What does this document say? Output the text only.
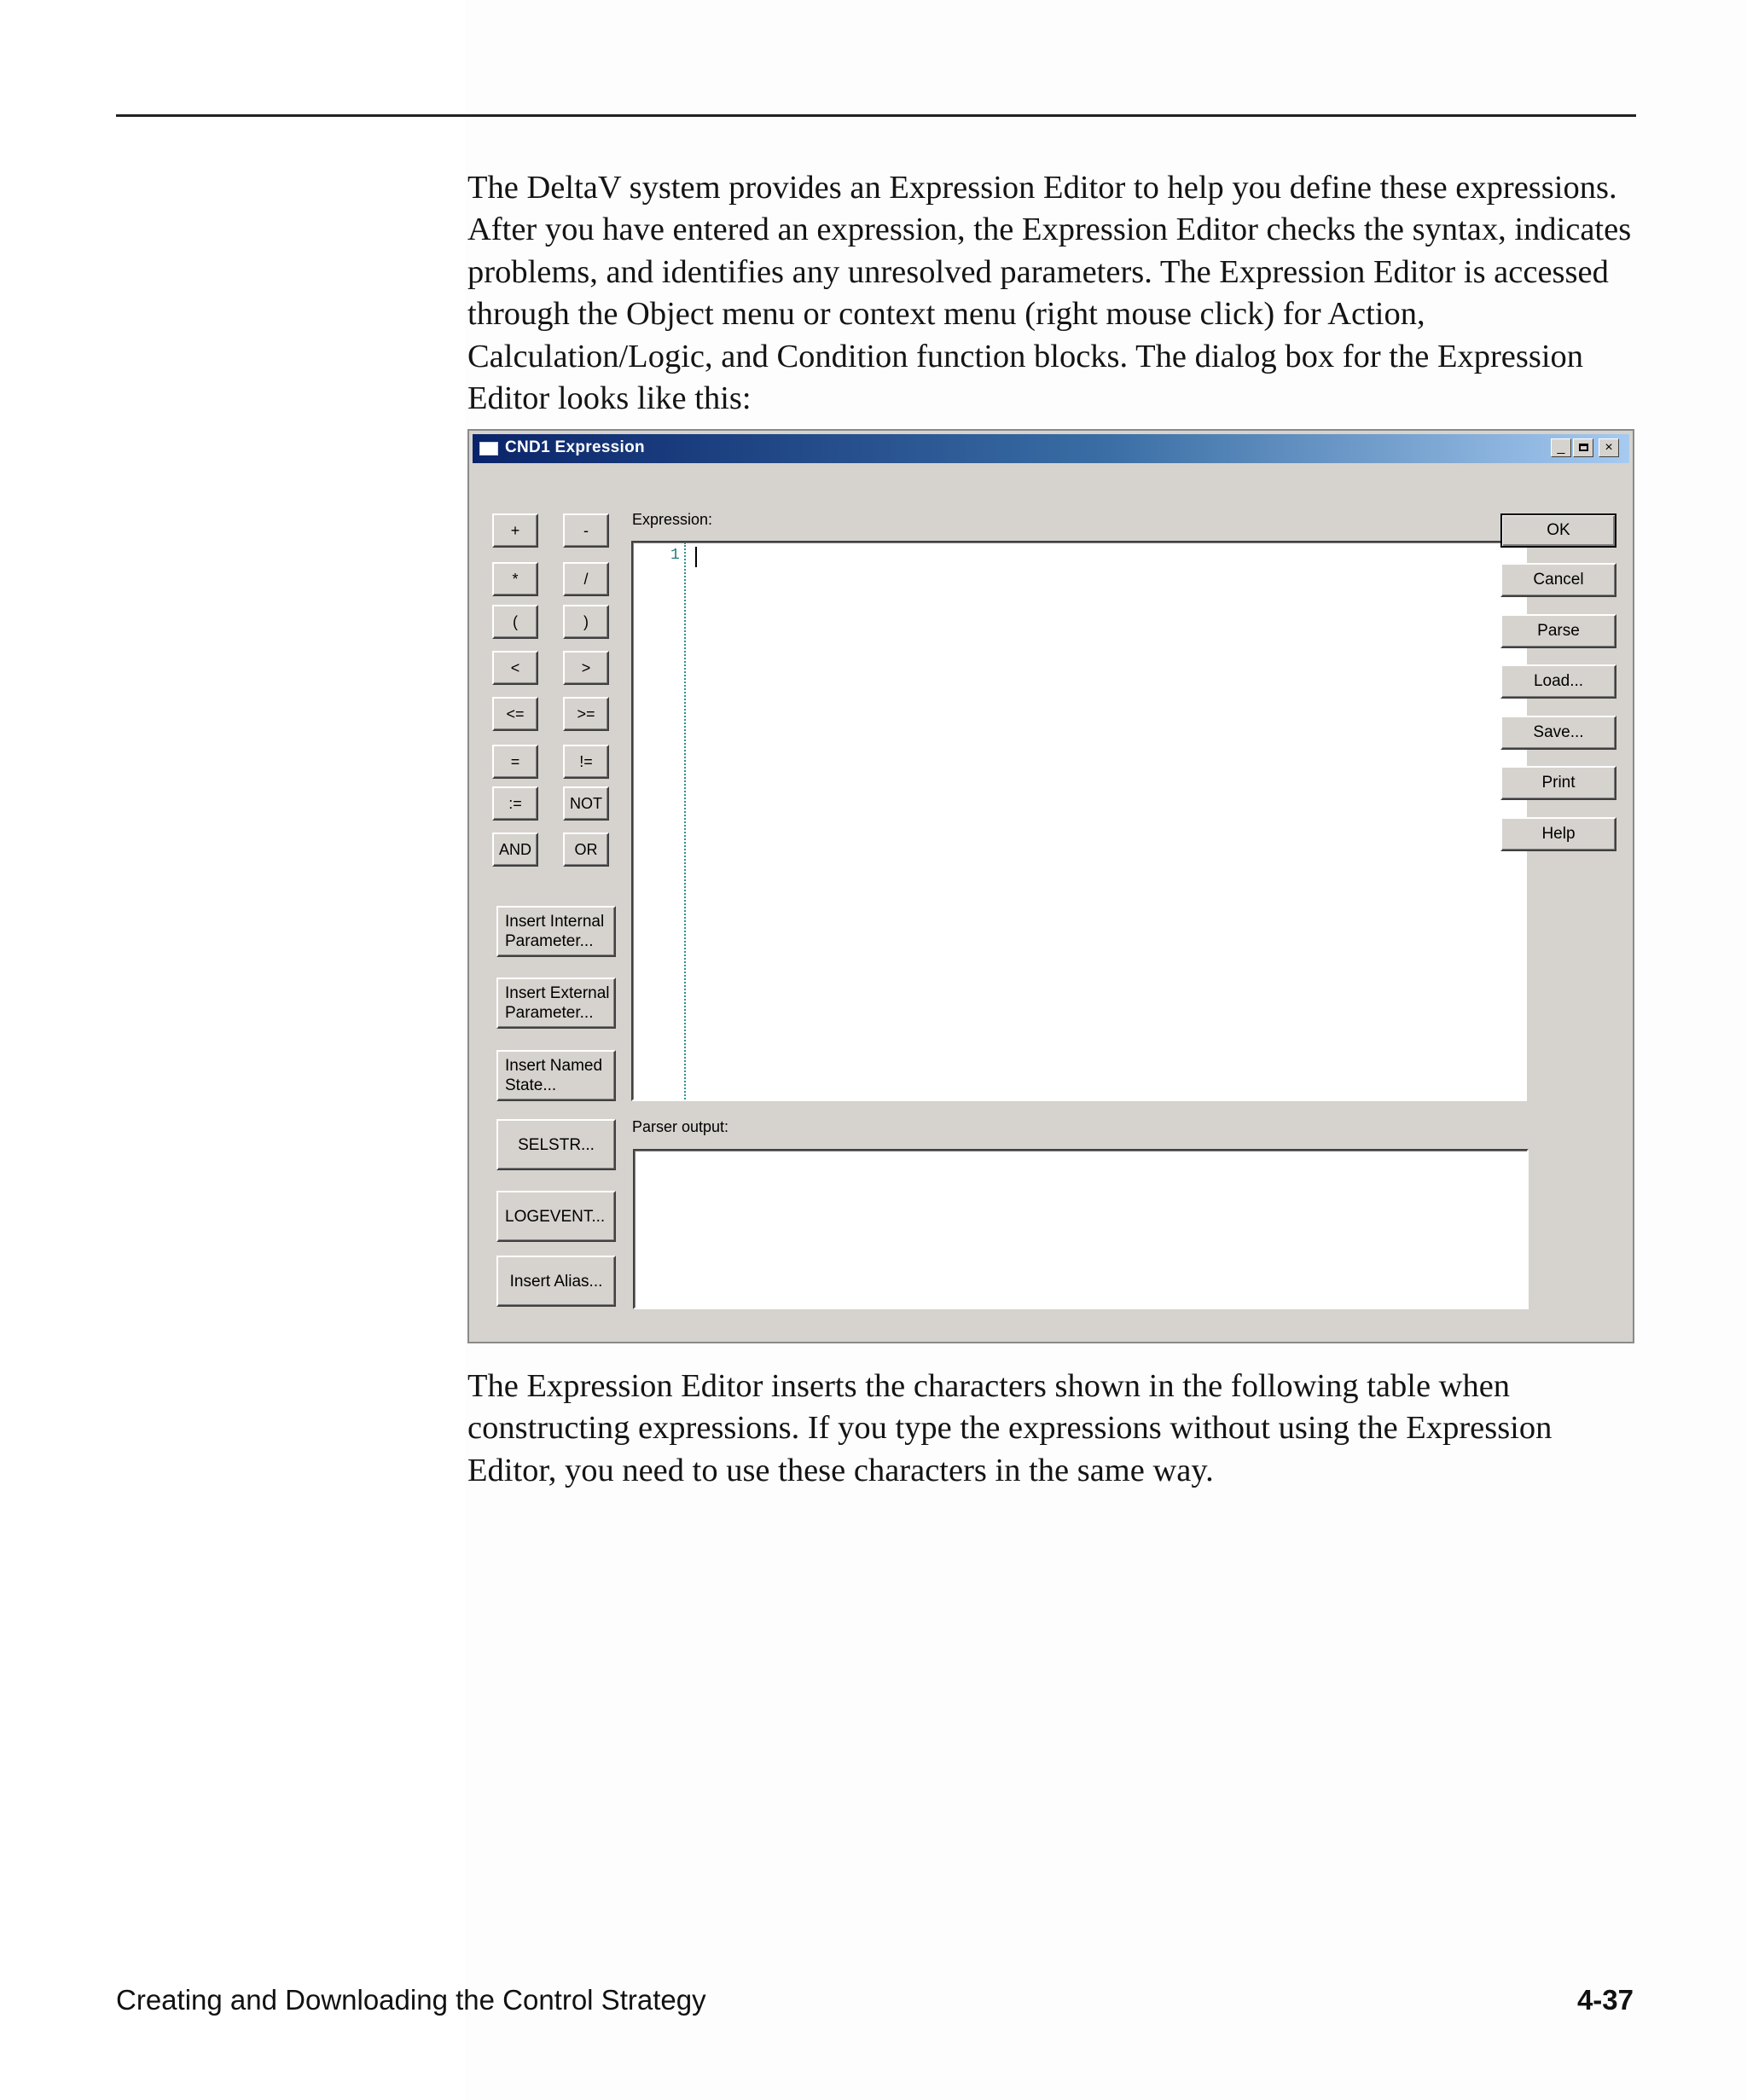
The DeltaV system provides an Expression Editor to help you define these expressions. After you have entered an expression, the Expression Editor checks the syntax, indicates problems, and identifies any unresolved parameters. The Expression Editor is accessed through the Object menu or context menu (right mouse click) for Action, Calculation/Logic, and Condition function blocks. The dialog box for the Expression Editor looks like this:

CND1 Expression	_	×
+	-
*	/
(	)
<	>
<=	>=
=	!=
:=	NOT
AND	OR
Insert Internal Parameter...
Insert External Parameter...
Insert Named State...
SELSTR...
LOGEVENT...
Insert Alias...
Expression:
1
Parser output:
OK
Cancel
Parse
Load...
Save...
Print
Help

The Expression Editor inserts the characters shown in the following table when constructing expressions. If you type the expressions without using the Expression Editor, you need to use these characters in the same way.

Creating and Downloading the Control Strategy	4-37
